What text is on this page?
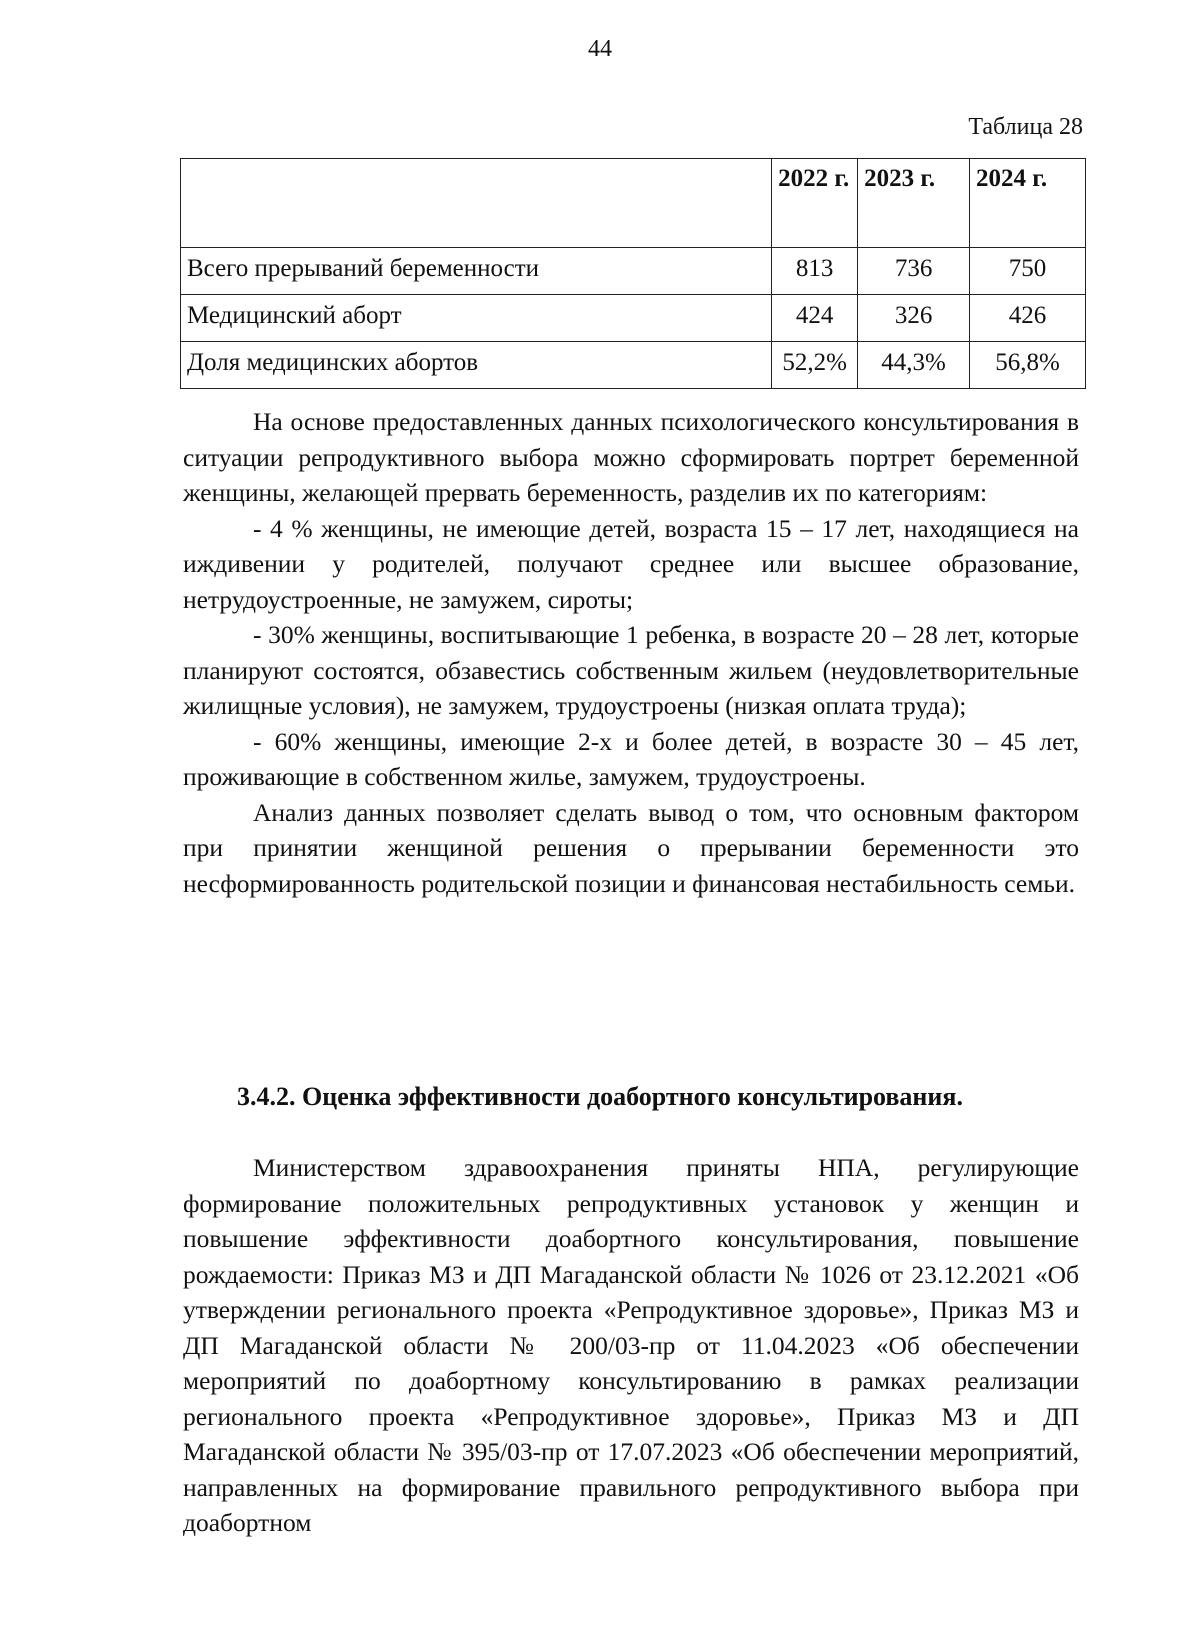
44
Таблица 28
	2022 г.	2023 г.	2024 г.
Всего прерываний беременности	813	736	750
Медицинский аборт	424	326	426
Доля медицинских абортов	52,2%	44,3%	56,8%

На основе предоставленных данных психологического консультирования в ситуации репродуктивного выбора можно сформировать портрет беременной женщины, желающей прервать беременность, разделив их по категориям:

- 4 % женщины, не имеющие детей, возраста 15 – 17 лет, находящиеся на иждивении у родителей, получают среднее или высшее образование, нетрудоустроенные, не замужем, сироты;

- 30% женщины, воспитывающие 1 ребенка, в возрасте 20 – 28 лет, которые планируют состоятся, обзавестись собственным жильем (неудовлетворительные жилищные условия), не замужем, трудоустроены (низкая оплата труда);

- 60% женщины, имеющие 2-х и более детей, в возрасте 30 – 45 лет, проживающие в собственном жилье, замужем, трудоустроены.

Анализ данных позволяет сделать вывод о том, что основным фактором при принятии женщиной решения о прерывании беременности это несформированность родительской позиции и финансовая нестабильность семьи.

3.4.2. Оценка эффективности доабортного консультирования.

Министерством здравоохранения приняты НПА, регулирующие формирование положительных репродуктивных установок у женщин и повышение эффективности доабортного консультирования, повышение рождаемости: Приказ МЗ и ДП Магаданской области № 1026 от 23.12.2021 «Об утверждении регионального проекта «Репродуктивное здоровье», Приказ МЗ и ДП Магаданской области № 200/03-пр от 11.04.2023 «Об обеспечении мероприятий по доабортному консультированию в рамках реализации регионального проекта «Репродуктивное здоровье», Приказ МЗ и ДП Магаданской области № 395/03-пр от 17.07.2023 «Об обеспечении мероприятий, направленных на формирование правильного репродуктивного выбора при доабортном
